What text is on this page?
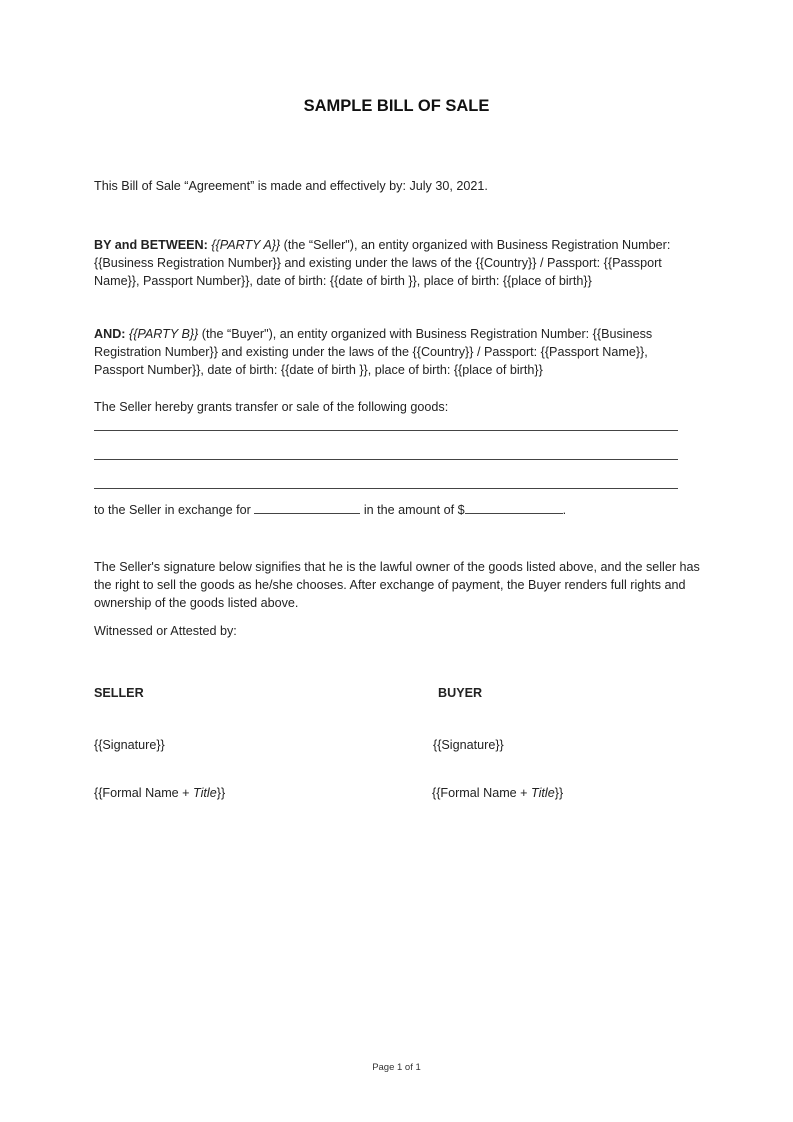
SAMPLE BILL OF SALE
This Bill of Sale “Agreement” is made and effectively by: July 30, 2021.
BY and BETWEEN: {{PARTY A}} (the “Seller"), an entity organized with Business Registration Number: {{Business Registration Number}} and existing under the laws of the {{Country}} / Passport: {{Passport Name}}, Passport Number}}, date of birth: {{date of birth }}, place of birth: {{place of birth}}
AND: {{PARTY B}} (the “Buyer"), an entity organized with Business Registration Number: {{Business Registration Number}} and existing under the laws of the {{Country}} / Passport: {{Passport Name}}, Passport Number}}, date of birth: {{date of birth }}, place of birth: {{place of birth}}
The Seller hereby grants transfer or sale of the following goods:
to the Seller in exchange for	in the amount of $	.
The Seller's signature below signifies that he is the lawful owner of the goods listed above, and the seller has the right to sell the goods as he/she chooses. After exchange of payment, the Buyer renders full rights and ownership of the goods listed above.
Witnessed or Attested by:
SELLER	BUYER
{{Signature}}	{{Signature}}
{{Formal Name + Title}}	{{Formal Name + Title}}
Page 1 of 1
